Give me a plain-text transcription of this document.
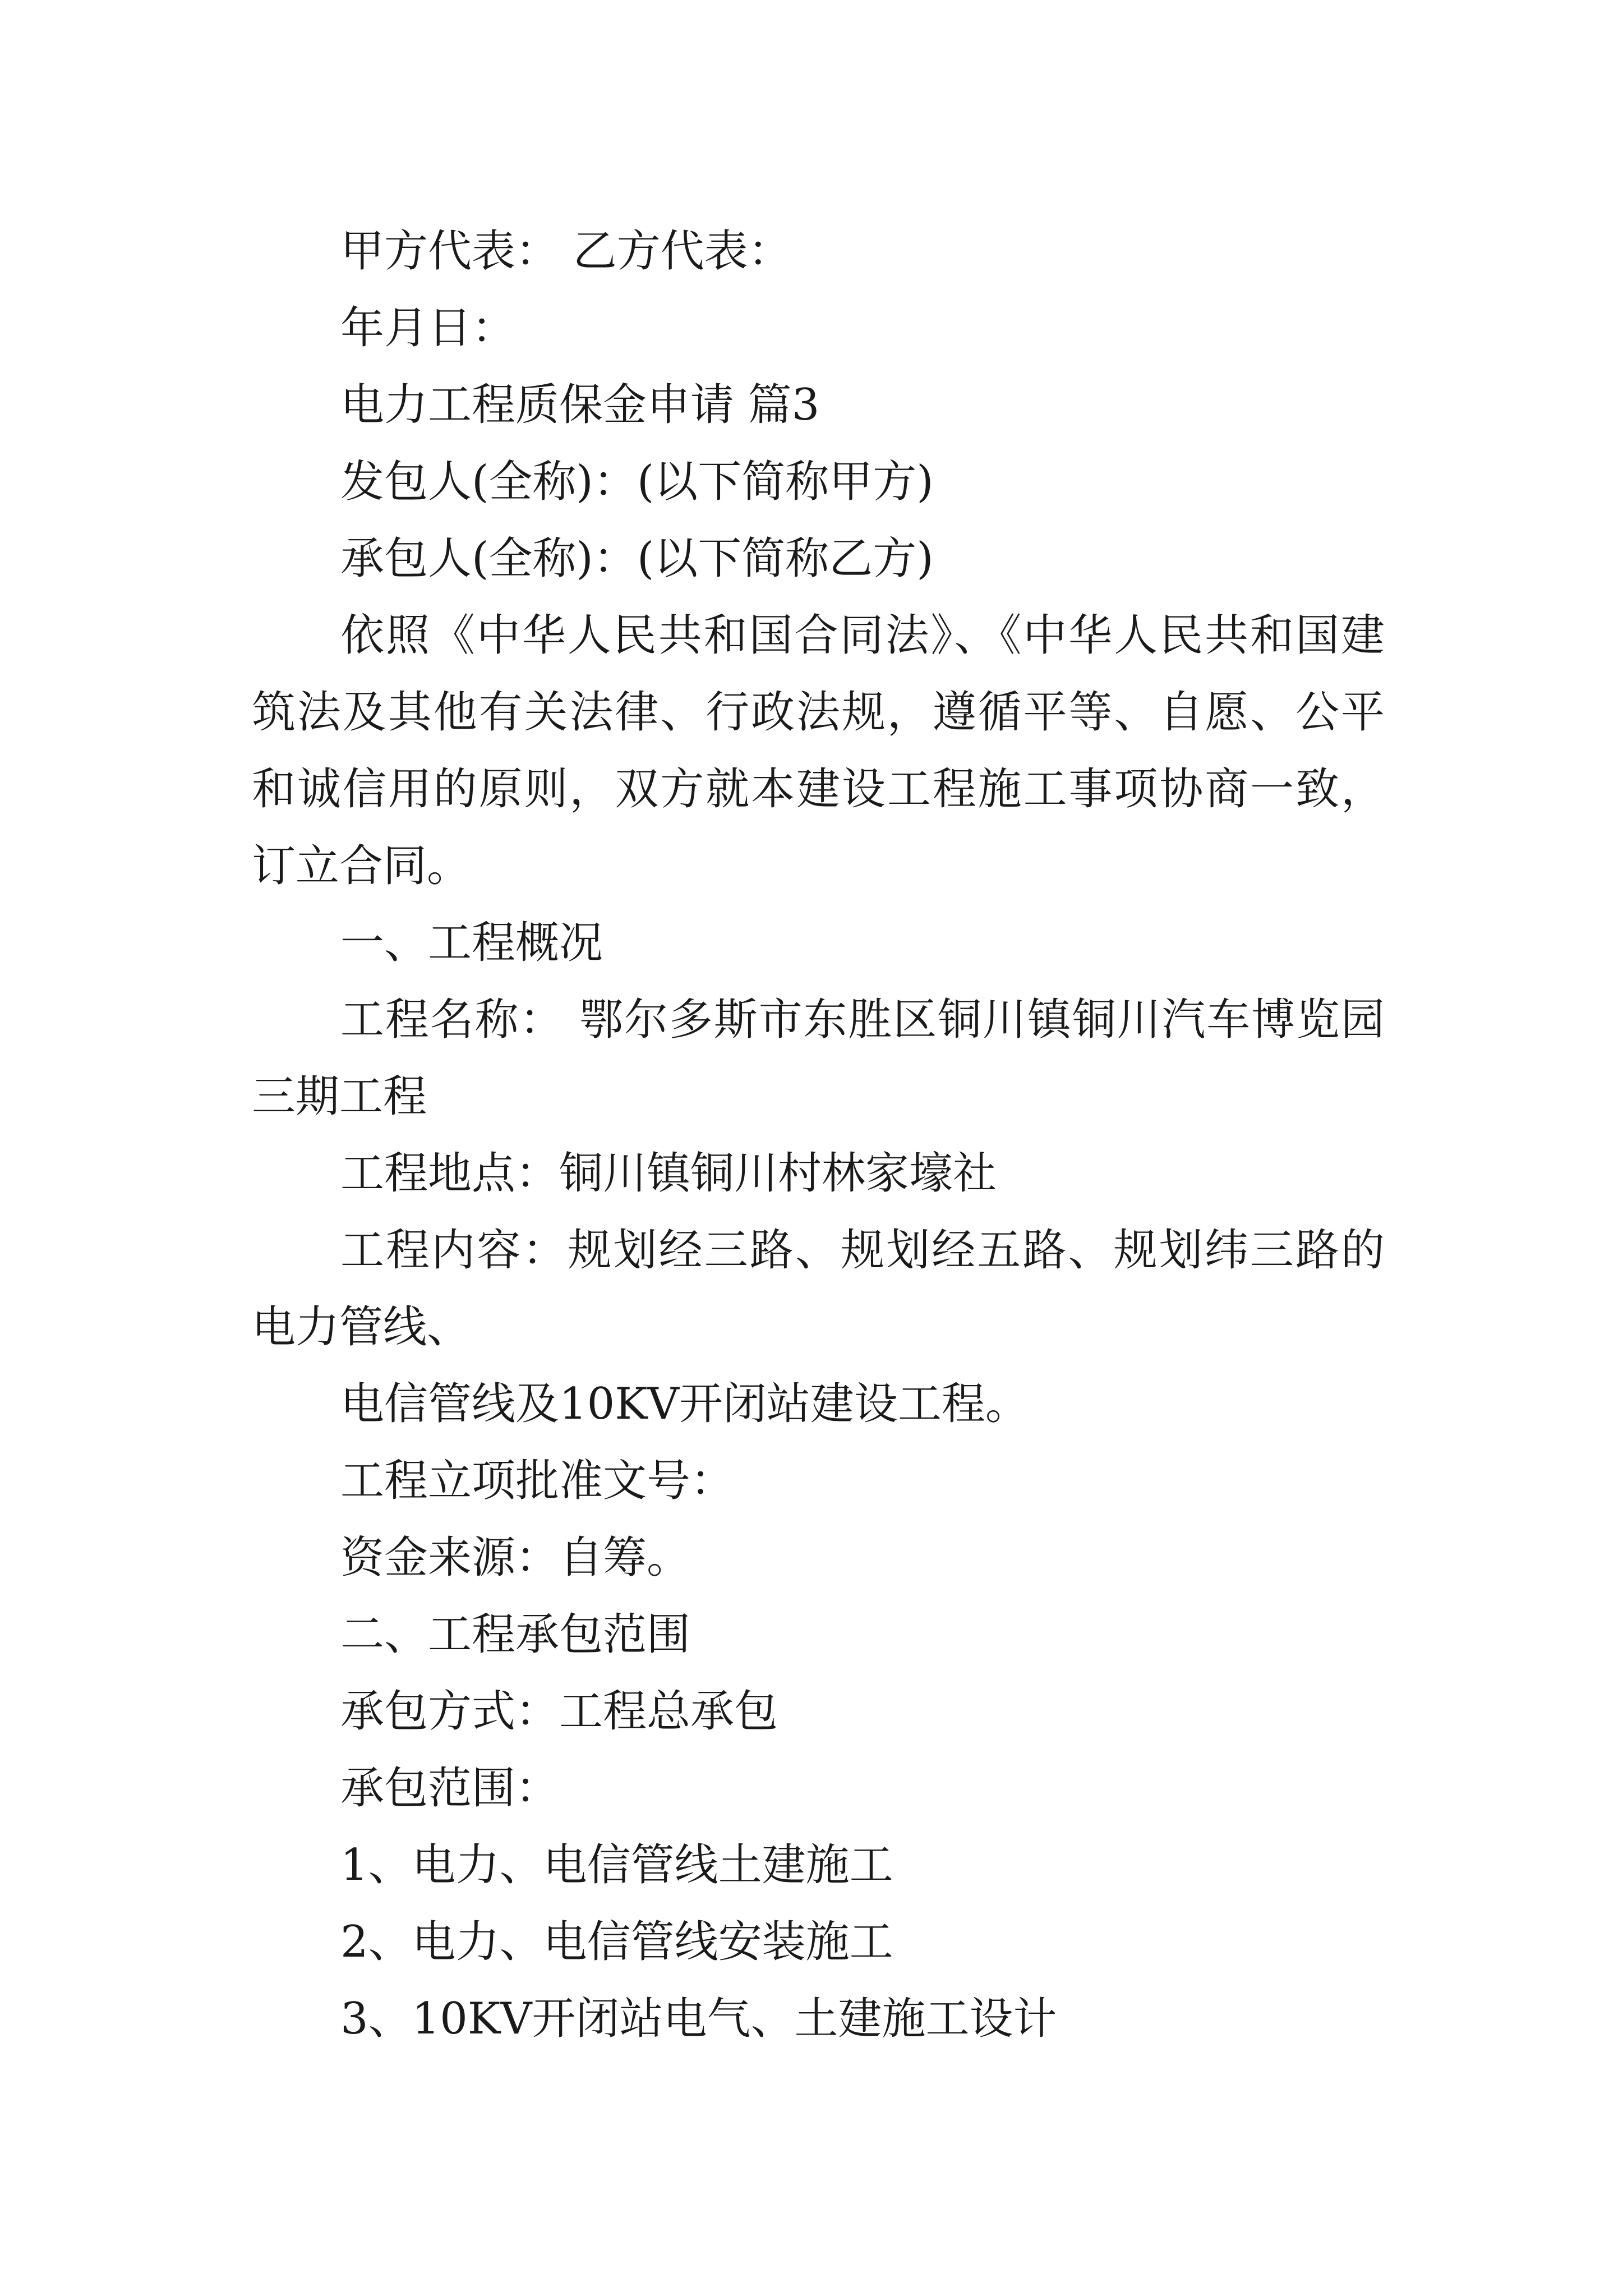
甲方代表： 乙方代表：
年月日：
电力工程质保金申请 篇3
发包人(全称)：(以下简称甲方)
承包人(全称)：(以下简称乙方)
依照《中华人民共和国合同法》、《中华人民共和国建筑法及其他有关法律、行政法规，遵循平等、自愿、公平和诚信用的原则，双方就本建设工程施工事项协商一致，订立合同。
一、工程概况
工程名称： 鄂尔多斯市东胜区铜川镇铜川汽车博览园三期工程
工程地点：铜川镇铜川村林家壕社
工程内容：规划经三路、规划经五路、规划纬三路的电力管线、
电信管线及10KV开闭站建设工程。
工程立项批准文号：
资金来源：自筹。
二、工程承包范围
承包方式：工程总承包
承包范围：
1、电力、电信管线土建施工
2、电力、电信管线安装施工
3、10KV开闭站电气、土建施工设计
